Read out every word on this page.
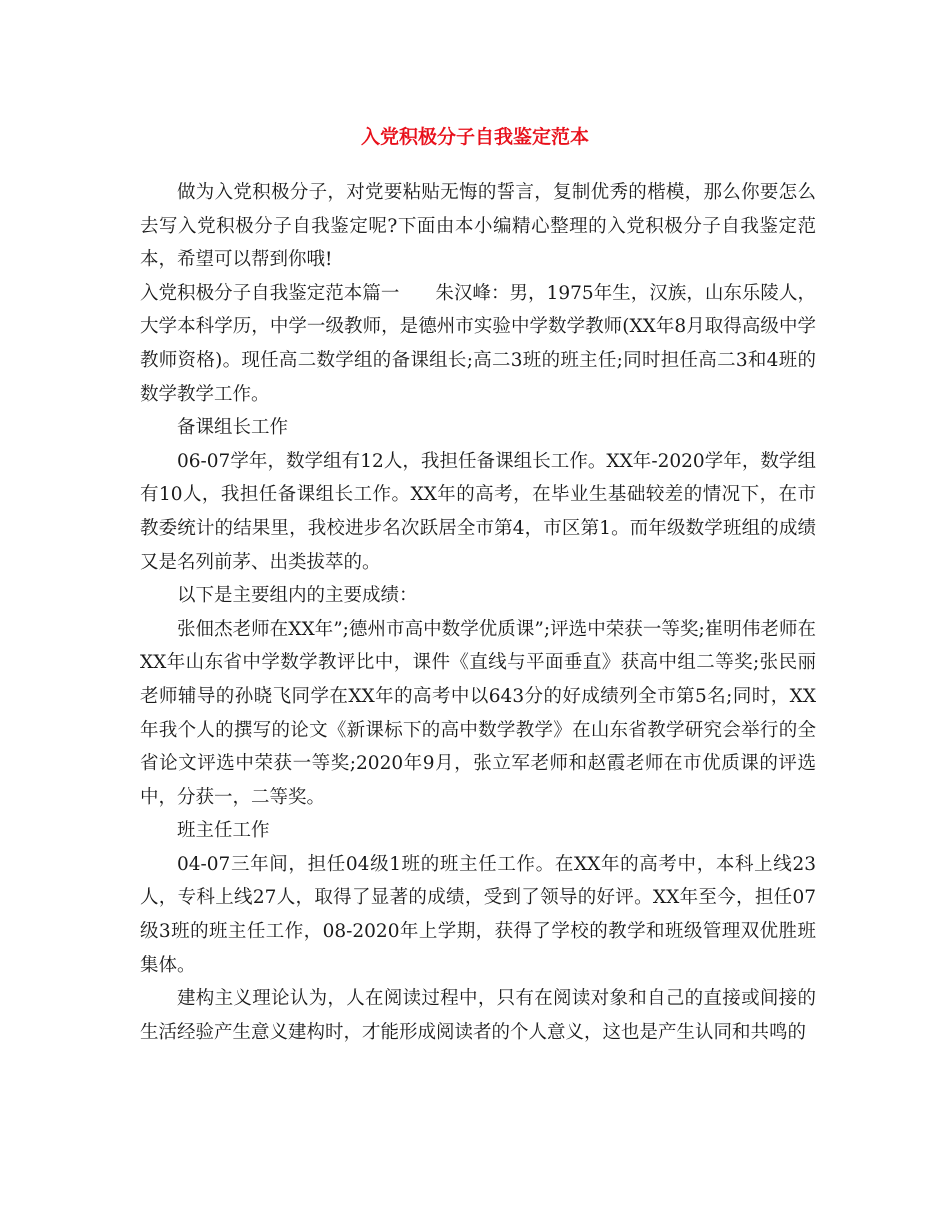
入党积极分子自我鉴定范本

做为入党积极分子，对党要粘贴无悔的誓言，复制优秀的楷模，那么你要怎么去写入党积极分子自我鉴定呢?下面由本小编精心整理的入党积极分子自我鉴定范本，希望可以帮到你哦!

入党积极分子自我鉴定范本篇一 朱汉峰：男，1975年生，汉族，山东乐陵人，大学本科学历，中学一级教师，是德州市实验中学数学教师(XX年8月取得高级中学教师资格)。现任高二数学组的备课组长;高二3班的班主任;同时担任高二3和4班的数学教学工作。

备课组长工作

06-07学年，数学组有12人，我担任备课组长工作。XX年-2020学年，数学组有10人，我担任备课组长工作。XX年的高考，在毕业生基础较差的情况下，在市教委统计的结果里，我校进步名次跃居全市第4，市区第1。而年级数学班组的成绩又是名列前茅、出类拔萃的。

以下是主要组内的主要成绩：

张佃杰老师在XX年”;德州市高中数学优质课”;评选中荣获一等奖;崔明伟老师在XX年山东省中学数学教评比中，课件《直线与平面垂直》获高中组二等奖;张民丽老师辅导的孙晓飞同学在XX年的高考中以643分的好成绩列全市第5名;同时，XX年我个人的撰写的论文《新课标下的高中数学教学》在山东省教学研究会举行的全省论文评选中荣获一等奖;2020年9月，张立军老师和赵霞老师在市优质课的评选中，分获一，二等奖。

班主任工作

04-07三年间，担任04级1班的班主任工作。在XX年的高考中，本科上线23人，专科上线27人，取得了显著的成绩，受到了领导的好评。XX年至今，担任07级3班的班主任工作，08-2020年上学期，获得了学校的教学和班级管理双优胜班集体。

建构主义理论认为，人在阅读过程中，只有在阅读对象和自己的直接或间接的生活经验产生意义建构时，才能形成阅读者的个人意义，这也是产生认同和共鸣的
